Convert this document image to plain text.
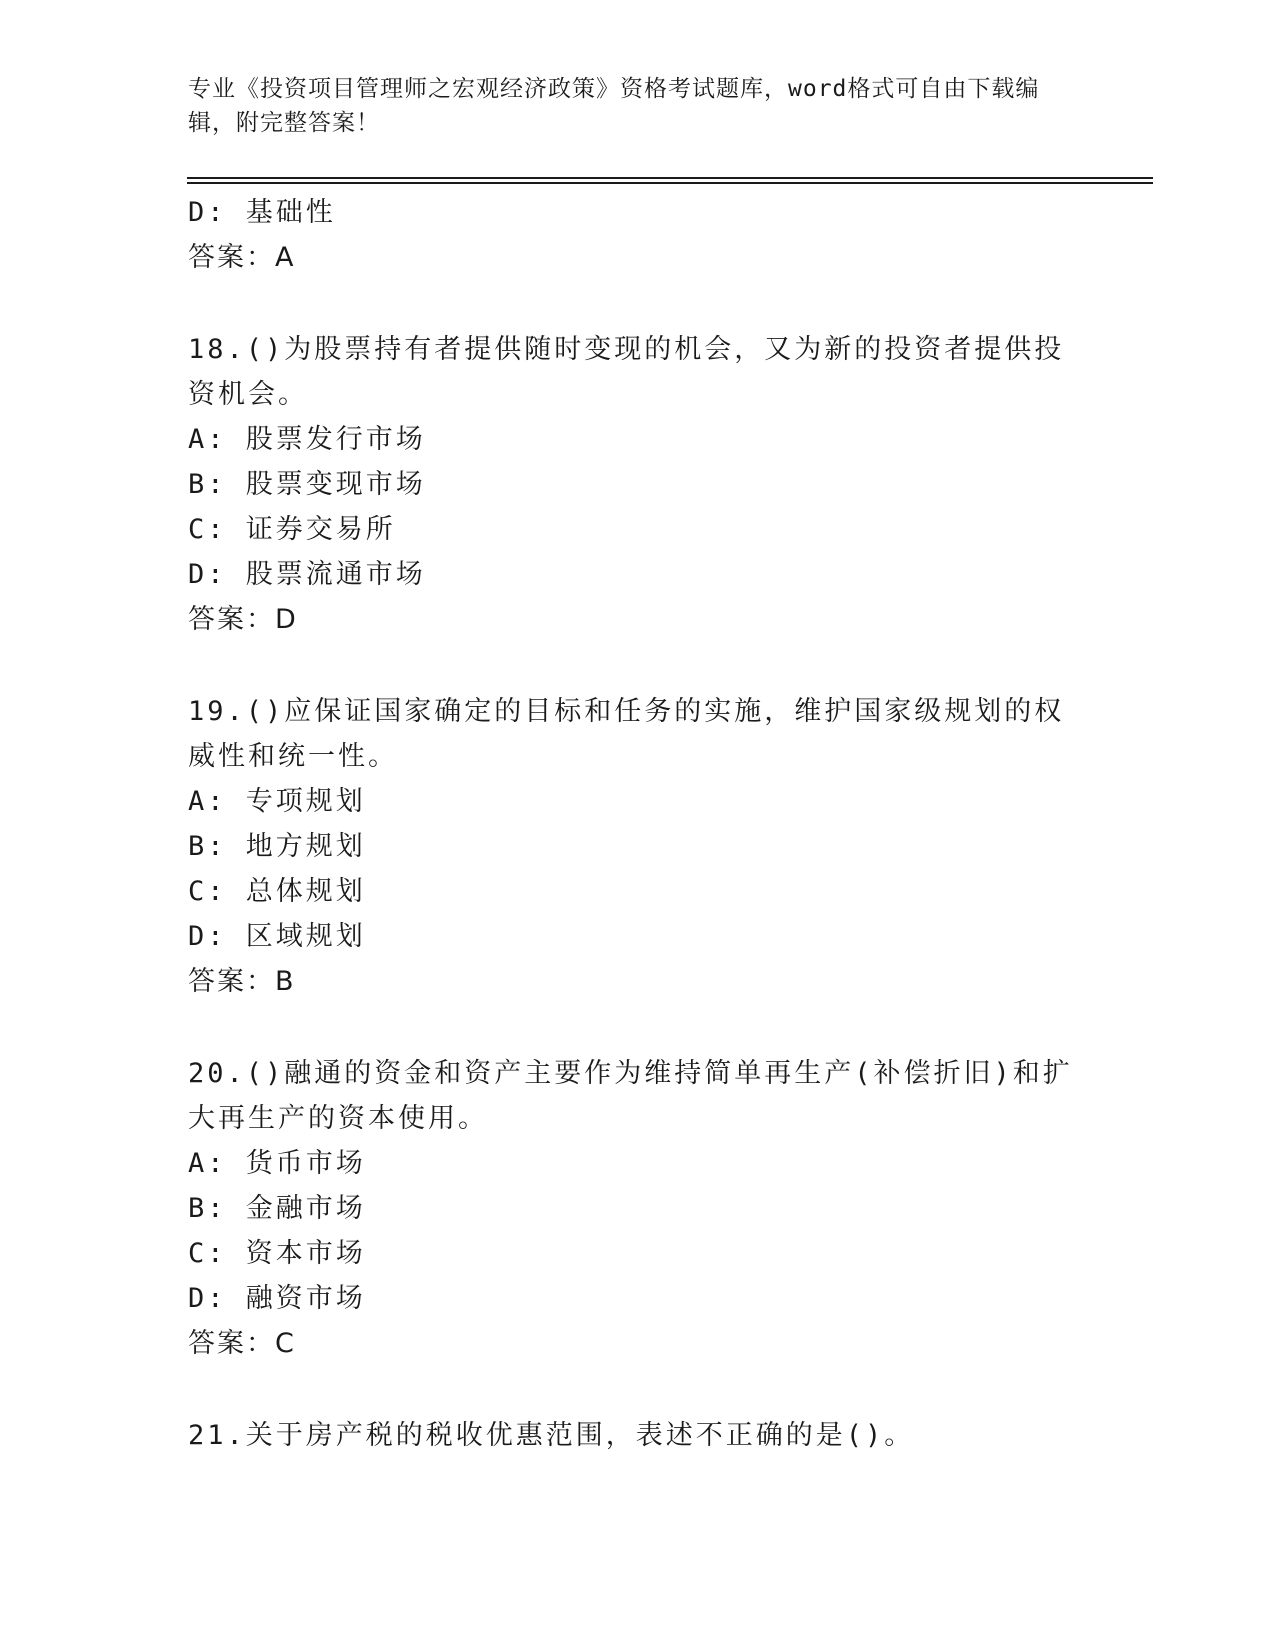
专业《投资项目管理师之宏观经济政策》资格考试题库，word格式可自由下载编辑，附完整答案！
D: 基础性
答案：A
18.()为股票持有者提供随时变现的机会，又为新的投资者提供投资机会。
A: 股票发行市场
B: 股票变现市场
C: 证券交易所
D: 股票流通市场
答案：D
19.()应保证国家确定的目标和任务的实施，维护国家级规划的权威性和统一性。
A: 专项规划
B: 地方规划
C: 总体规划
D: 区域规划
答案：B
20.()融通的资金和资产主要作为维持简单再生产(补偿折旧)和扩大再生产的资本使用。
A: 货币市场
B: 金融市场
C: 资本市场
D: 融资市场
答案：C
21.关于房产税的税收优惠范围，表述不正确的是()。
